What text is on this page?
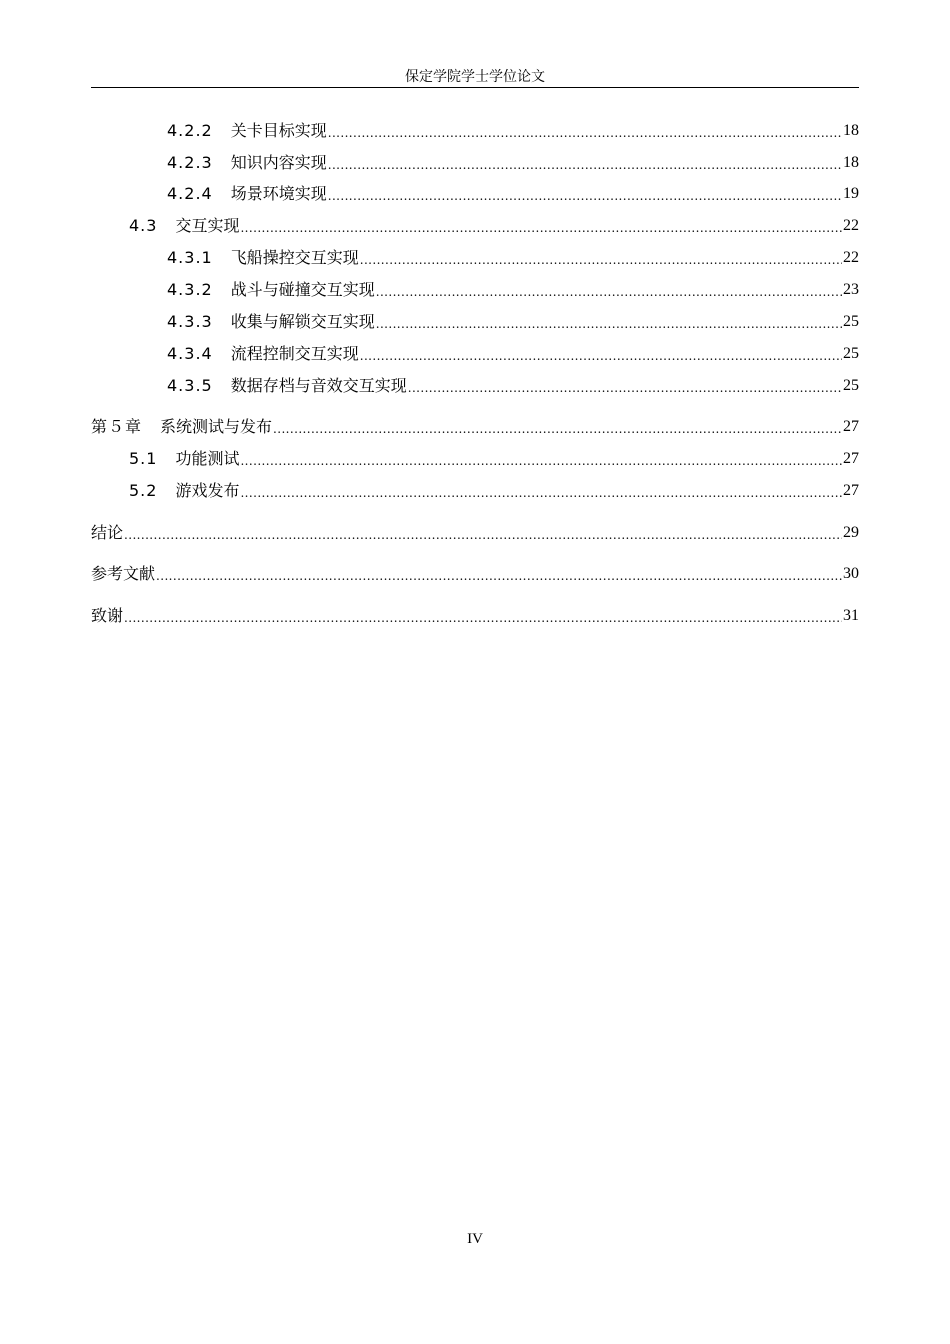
保定学院学士学位论文
4.2.2	关卡目标实现 .....	18
4.2.3	知识内容实现 .....	18
4.2.4	场景环境实现 .....	19
4.3	交互实现 .....	22
4.3.1	飞船操控交互实现 .....	22
4.3.2	战斗与碰撞交互实现 .....	23
4.3.3	收集与解锁交互实现 .....	25
4.3.4	流程控制交互实现 .....	25
4.3.5	数据存档与音效交互实现 .....	25
第５章	系统测试与发布 .....	27
5.1	功能测试 .....	27
5.2	游戏发布 .....	27
结论 .....	29
参考文献 .....	30
致谢 .....	31
IV
